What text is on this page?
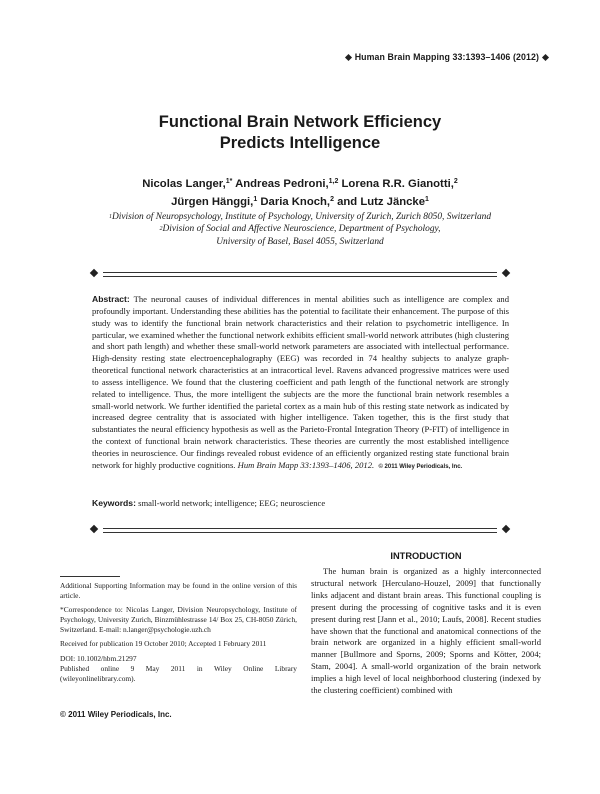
Human Brain Mapping 33:1393–1406 (2012)
Functional Brain Network Efficiency
Predicts Intelligence
Nicolas Langer,$^{1*}$ Andreas Pedroni,$^{1,2}$ Lorena R.R. Gianotti,$^2$
Jürgen Hänggi,$^1$ Daria Knoch,$^2$ and Lutz Jäncke$^1$
$^1$Division of Neuropsychology, Institute of Psychology, University of Zurich, Zurich 8050, Switzerland
$^2$Division of Social and Affective Neuroscience, Department of Psychology,
University of Basel, Basel 4055, Switzerland
Abstract: The neuronal causes of individual differences in mental abilities such as intelligence are complex and profoundly important. Understanding these abilities has the potential to facilitate their enhancement. The purpose of this study was to identify the functional brain network characteristics and their relation to psychometric intelligence. In particular, we examined whether the functional network exhibits efficient small-world network attributes (high clustering and short path length) and whether these small-world network parameters are associated with intellectual performance. High-density resting state electroencephalography (EEG) was recorded in 74 healthy subjects to analyze graph-theoretical functional network characteristics at an intracortical level. Ravens advanced progressive matrices were used to assess intelligence. We found that the clustering coefficient and path length of the functional network are strongly related to intelligence. Thus, the more intelligent the subjects are the more the functional brain network resembles a small-world network. We further identified the parietal cortex as a main hub of this resting state network as indicated by increased degree centrality that is associated with higher intelligence. Taken together, this is the first study that substantiates the neural efficiency hypothesis as well as the Parieto-Frontal Integration Theory (P-FIT) of intelligence in the context of functional brain network characteristics. These theories are currently the most established intelligence theories in neuroscience. Our findings revealed robust evidence of an efficiently organized resting state functional brain network for highly productive cognitions. Hum Brain Mapp 33:1393–1406, 2012. © 2011 Wiley Periodicals, Inc.
Keywords: small-world network; intelligence; EEG; neuroscience
INTRODUCTION

The human brain is organized as a highly interconnected structural network [Herculano-Houzel, 2009] that functionally links adjacent and distant brain areas. This functional coupling is present during the processing of cognitive tasks and it is even present during rest [Jann et al., 2010; Laufs, 2008]. Recent studies have shown that the functional and anatomical connections of the brain network are organized in a highly efficient small-world manner [Bullmore and Sporns, 2009; Sporns and Kötter, 2004; Stam, 2004]. A small-world organization of the brain network implies a high level of local neighborhood clustering (indexed by the clustering coefficient) combined with

Additional Supporting Information may be found in the online version of this article.

*Correspondence to: Nicolas Langer, Division Neuropsychology, Institute of Psychology, University Zurich, Binzmühlestrasse 14/ Box 25, CH-8050 Zürich, Switzerland. E-mail: n.langer@psychologie.uzh.ch

Received for publication 19 October 2010; Accepted 1 February 2011

DOI: 10.1002/hbm.21297
Published online 9 May 2011 in Wiley Online Library (wileyonlinelibrary.com).

© 2011 Wiley Periodicals, Inc.
